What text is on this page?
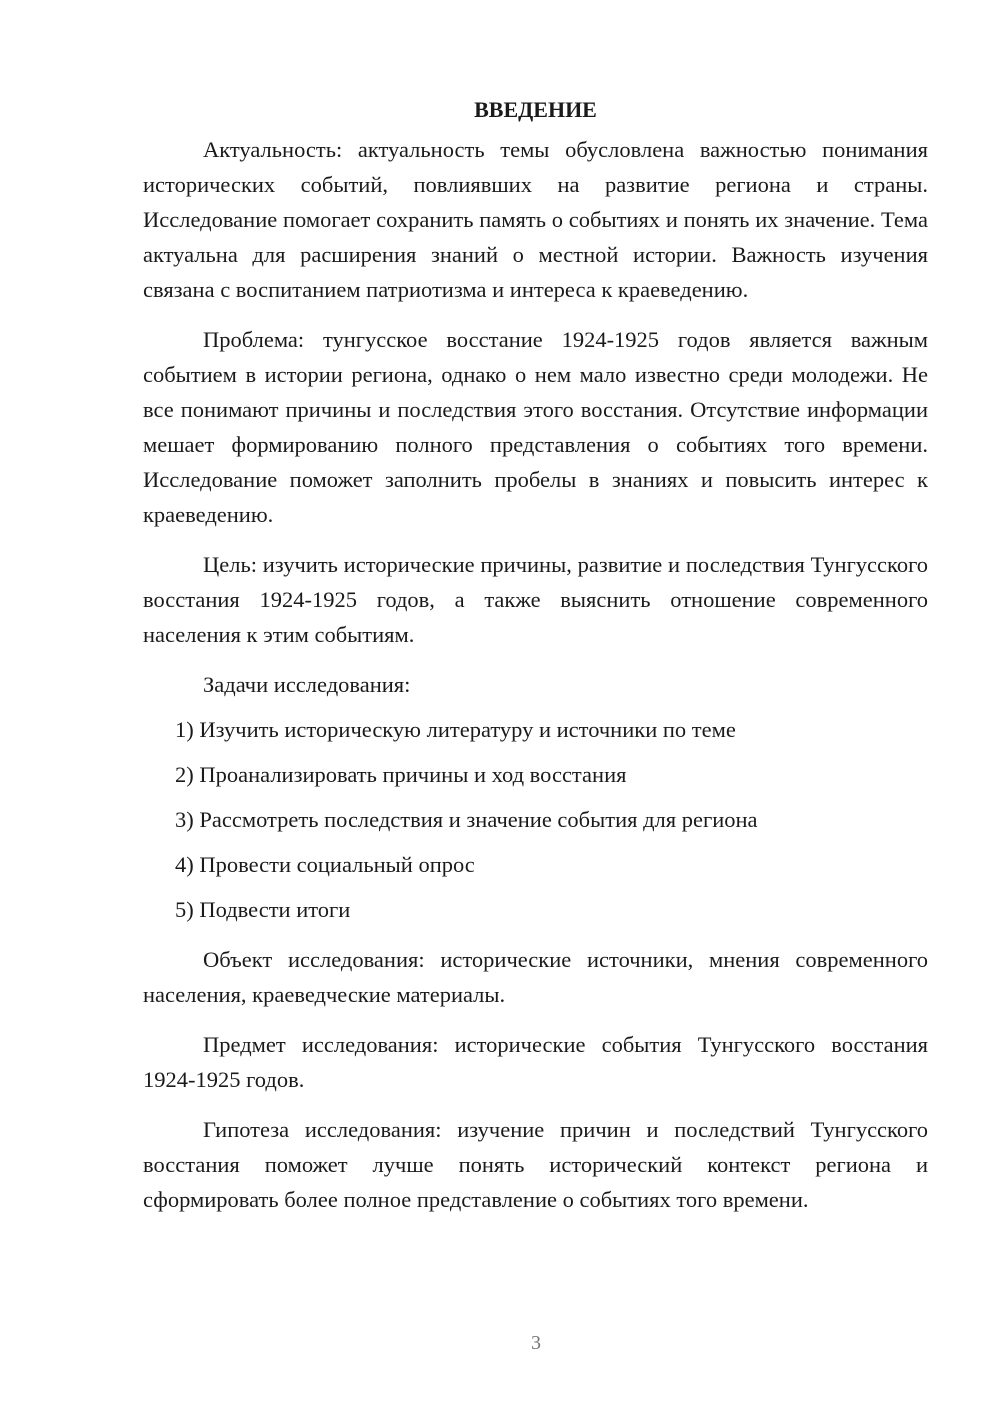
ВВЕДЕНИЕ

Актуальность: актуальность темы обусловлена важностью понимания исторических событий, повлиявших на развитие региона и страны. Исследование помогает сохранить память о событиях и понять их значение. Тема актуальна для расширения знаний о местной истории. Важность изучения связана с воспитанием патриотизма и интереса к краеведению.

Проблема: тунгусское восстание 1924-1925 годов является важным событием в истории региона, однако о нем мало известно среди молодежи. Не все понимают причины и последствия этого восстания. Отсутствие информации мешает формированию полного представления о событиях того времени. Исследование поможет заполнить пробелы в знаниях и повысить интерес к краеведению.

Цель: изучить исторические причины, развитие и последствия Тунгусского восстания 1924-1925 годов, а также выяснить отношение современного населения к этим событиям.

Задачи исследования:
1) Изучить историческую литературу и источники по теме
2) Проанализировать причины и ход восстания
3) Рассмотреть последствия и значение события для региона
4) Провести социальный опрос
5) Подвести итоги

Объект исследования: исторические источники, мнения современного населения, краеведческие материалы.

Предмет исследования: исторические события Тунгусского восстания 1924-1925 годов.

Гипотеза исследования: изучение причин и последствий Тунгусского восстания поможет лучше понять исторический контекст региона и сформировать более полное представление о событиях того времени.

3
